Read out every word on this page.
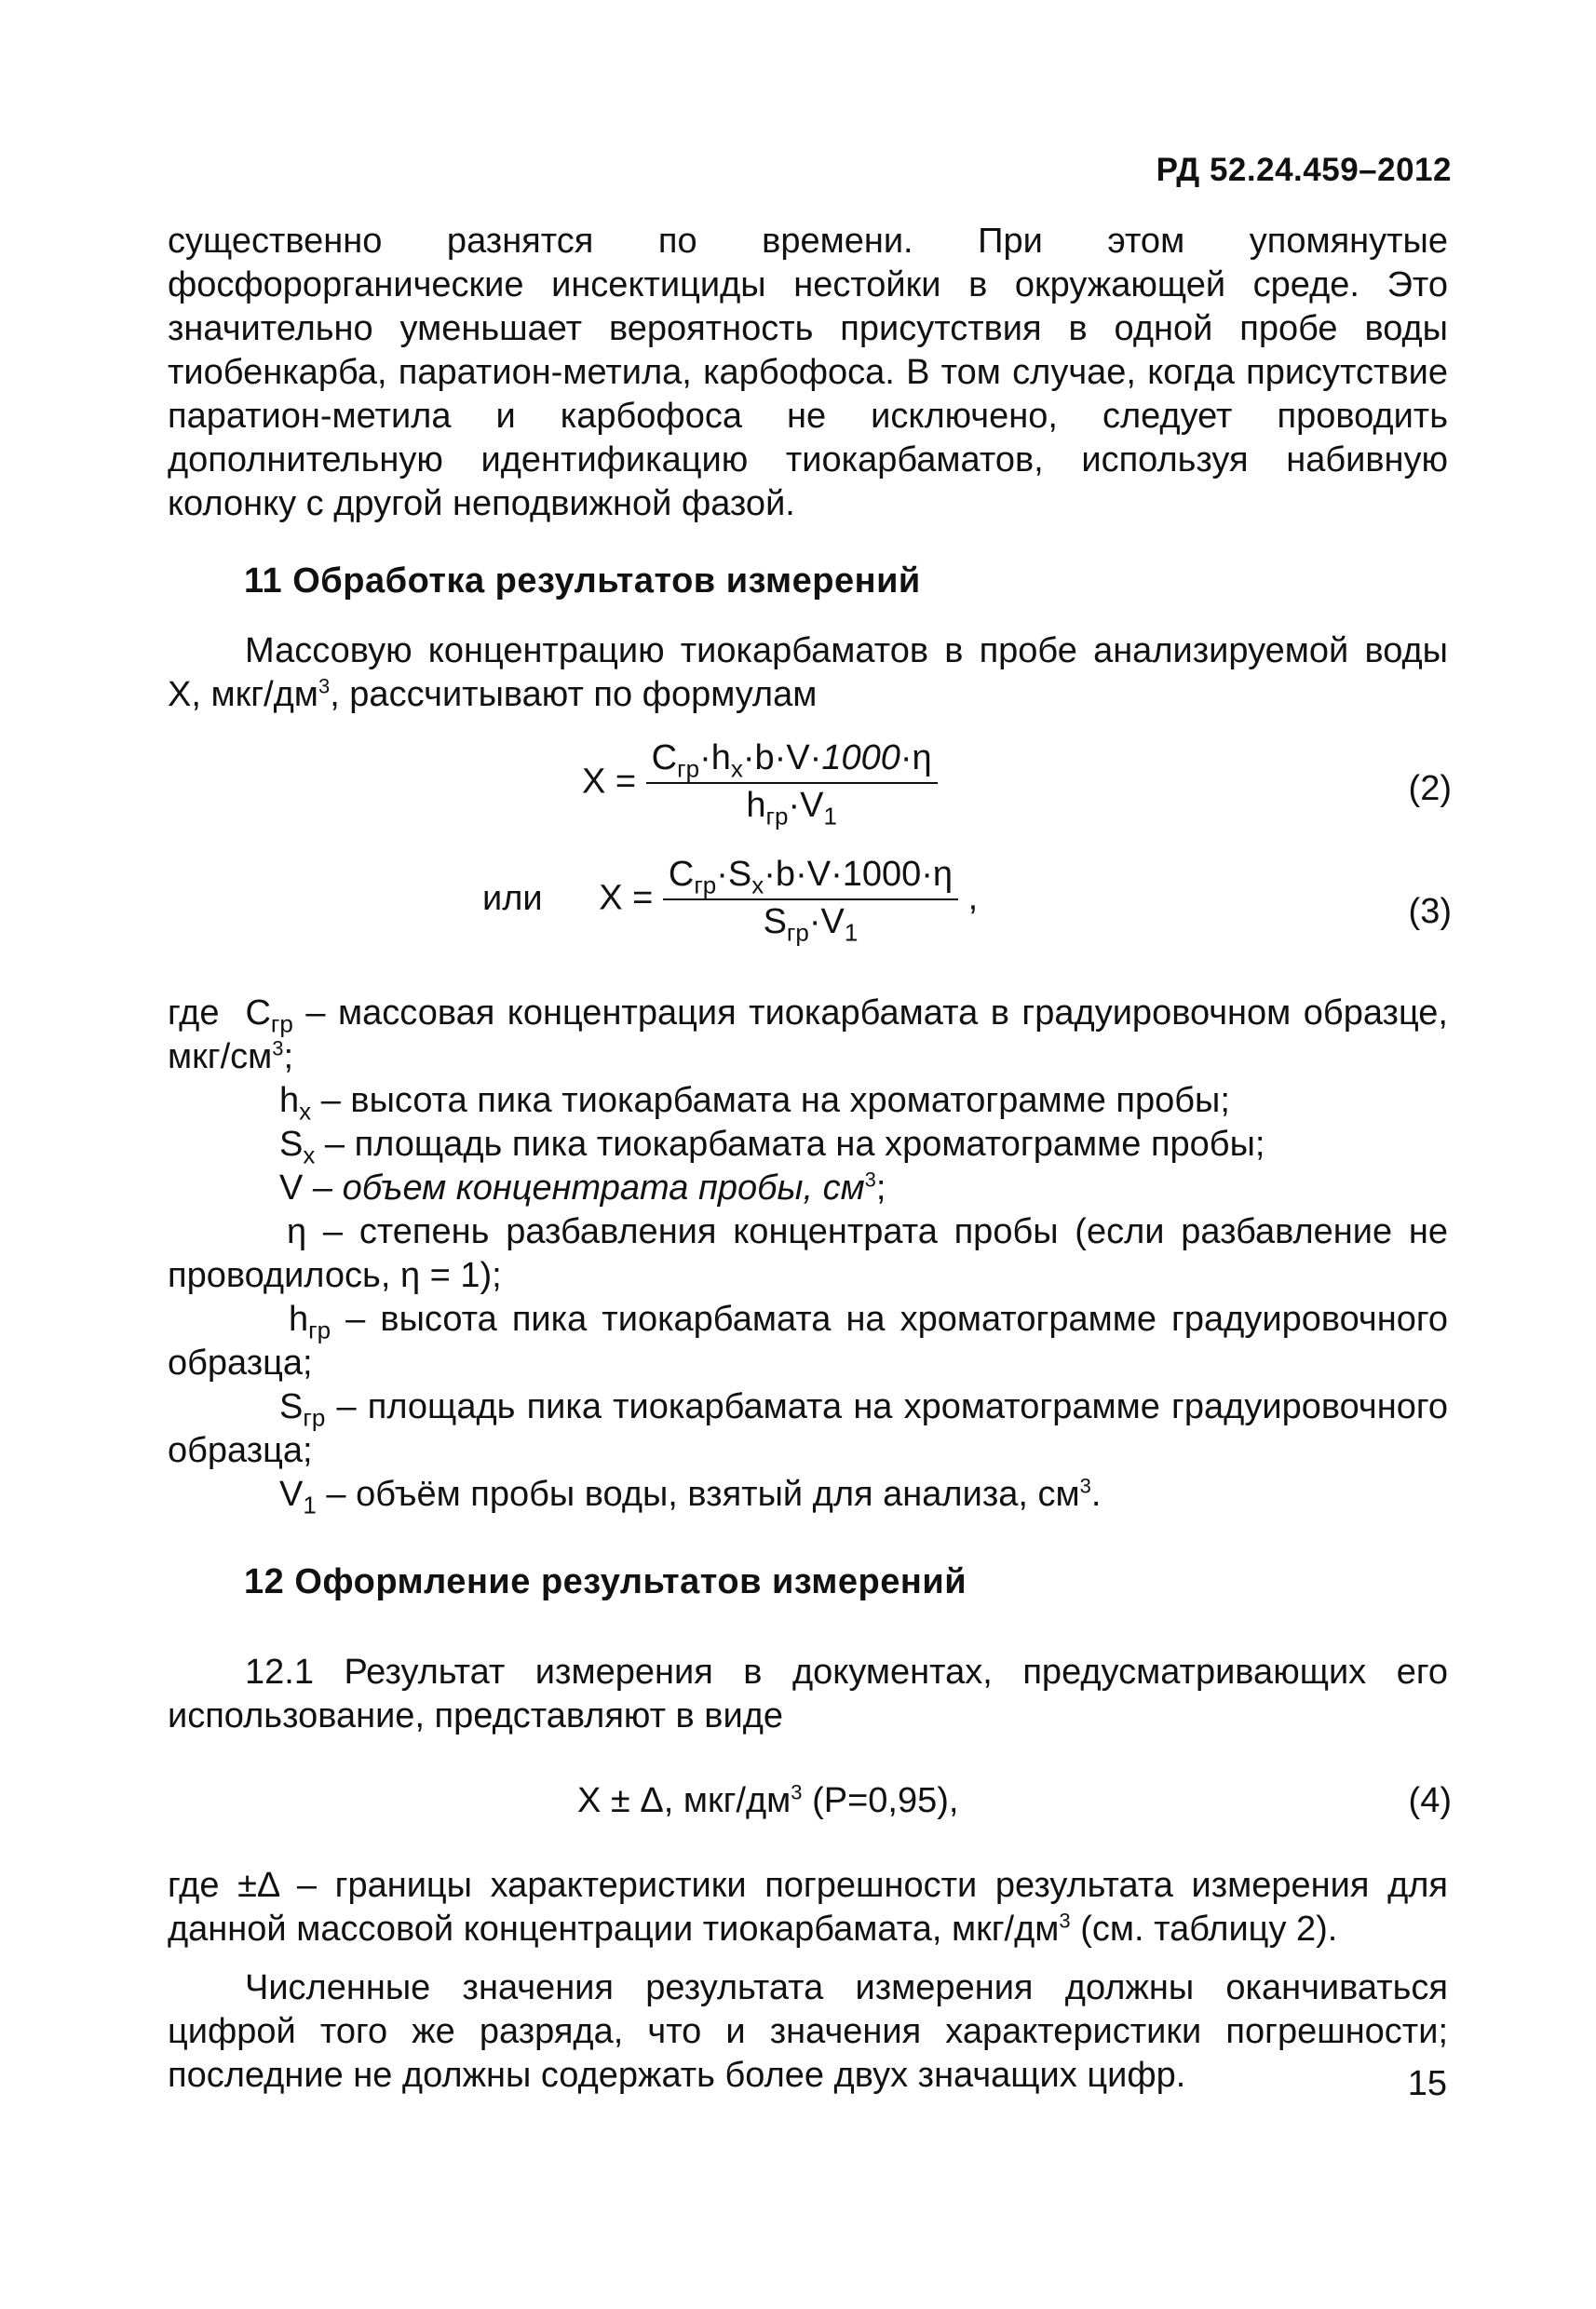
РД 52.24.459–2012
существенно разнятся по времени. При этом упомянутые фосфорорганические инсектициды нестойки в окружающей среде. Это значительно уменьшает вероятность присутствия в одной пробе воды тиобенкарба, паратион-метила, карбофоса. В том случае, когда присутствие паратион-метила и карбофоса не исключено, следует проводить дополнительную идентификацию тиокарбаматов, используя набивную колонку с другой неподвижной фазой.
11 Обработка результатов измерений
Массовую концентрацию тиокарбаматов в пробе анализируемой воды X, мкг/$дм^3$, рассчитывают по формулам
$X = \frac{C_{гр}\cdot h_x\cdot b\cdot V\cdot 1000\cdot\eta}{h_{гр}\cdot V_1}$	(2)
или $X = \frac{C_{гр}\cdot S_x\cdot b\cdot V\cdot 1000\cdot\eta}{S_{гр}\cdot V_1}$ ,	(3)
где $C_{гр}$ – массовая концентрация тиокарбамата в градуировочном образце, мкг/$см^3$;
$h_x$ – высота пика тиокарбамата на хроматограмме пробы;
$S_x$ – площадь пика тиокарбамата на хроматограмме пробы;
V – объем концентрата пробы, $см^3$;
η – степень разбавления концентрата пробы (если разбавление не проводилось, η = 1);
$h_{гр}$ – высота пика тиокарбамата на хроматограмме градуировочного образца;
$S_{гр}$ – площадь пика тиокарбамата на хроматограмме градуировочного образца;
$V_1$ – объём пробы воды, взятый для анализа, $см^3$.
12 Оформление результатов измерений
12.1 Результат измерения в документах, предусматривающих его использование, представляют в виде
X ± Δ, мкг/$дм^3$ (P=0,95),	(4)
где ±Δ – границы характеристики погрешности результата измерения для данной массовой концентрации тиокарбамата, мкг/$дм^3$ (см. таблицу 2).
Численные значения результата измерения должны оканчиваться цифрой того же разряда, что и значения характеристики погрешности; последние не должны содержать более двух значащих цифр.	15
